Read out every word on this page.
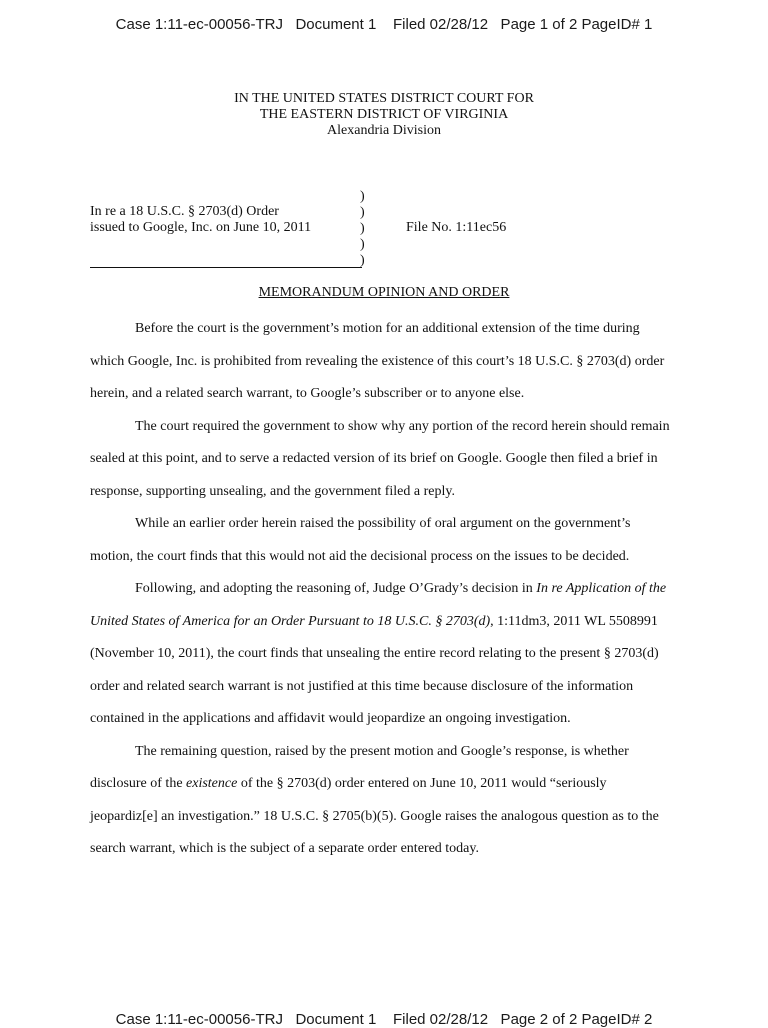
Case 1:11-ec-00056-TRJ   Document 1    Filed 02/28/12   Page 1 of 2 PageID# 1
IN THE UNITED STATES DISTRICT COURT FOR
THE EASTERN DISTRICT OF VIRGINIA
Alexandria Division
In re a 18 U.S.C. § 2703(d) Order
issued to Google, Inc. on June 10, 2011
)
)
)
)
)
File No. 1:11ec56
MEMORANDUM OPINION AND ORDER

Before the court is the government’s motion for an additional extension of the time during which Google, Inc. is prohibited from revealing the existence of this court’s 18 U.S.C. § 2703(d) order herein, and a related search warrant, to Google’s subscriber or to anyone else.

The court required the government to show why any portion of the record herein should remain sealed at this point, and to serve a redacted version of its brief on Google. Google then filed a brief in response, supporting unsealing, and the government filed a reply.

While an earlier order herein raised the possibility of oral argument on the government’s motion, the court finds that this would not aid the decisional process on the issues to be decided.

Following, and adopting the reasoning of, Judge O’Grady’s decision in In re Application of the United States of America for an Order Pursuant to 18 U.S.C. § 2703(d), 1:11dm3, 2011 WL 5508991 (November 10, 2011), the court finds that unsealing the entire record relating to the present § 2703(d) order and related search warrant is not justified at this time because disclosure of the information contained in the applications and affidavit would jeopardize an ongoing investigation.

The remaining question, raised by the present motion and Google’s response, is whether disclosure of the existence of the § 2703(d) order entered on June 10, 2011 would “seriously jeopardiz[e] an investigation.” 18 U.S.C. § 2705(b)(5). Google raises the analogous question as to the search warrant, which is the subject of a separate order entered today.

Case 1:11-ec-00056-TRJ   Document 1    Filed 02/28/12   Page 2 of 2 PageID# 2
